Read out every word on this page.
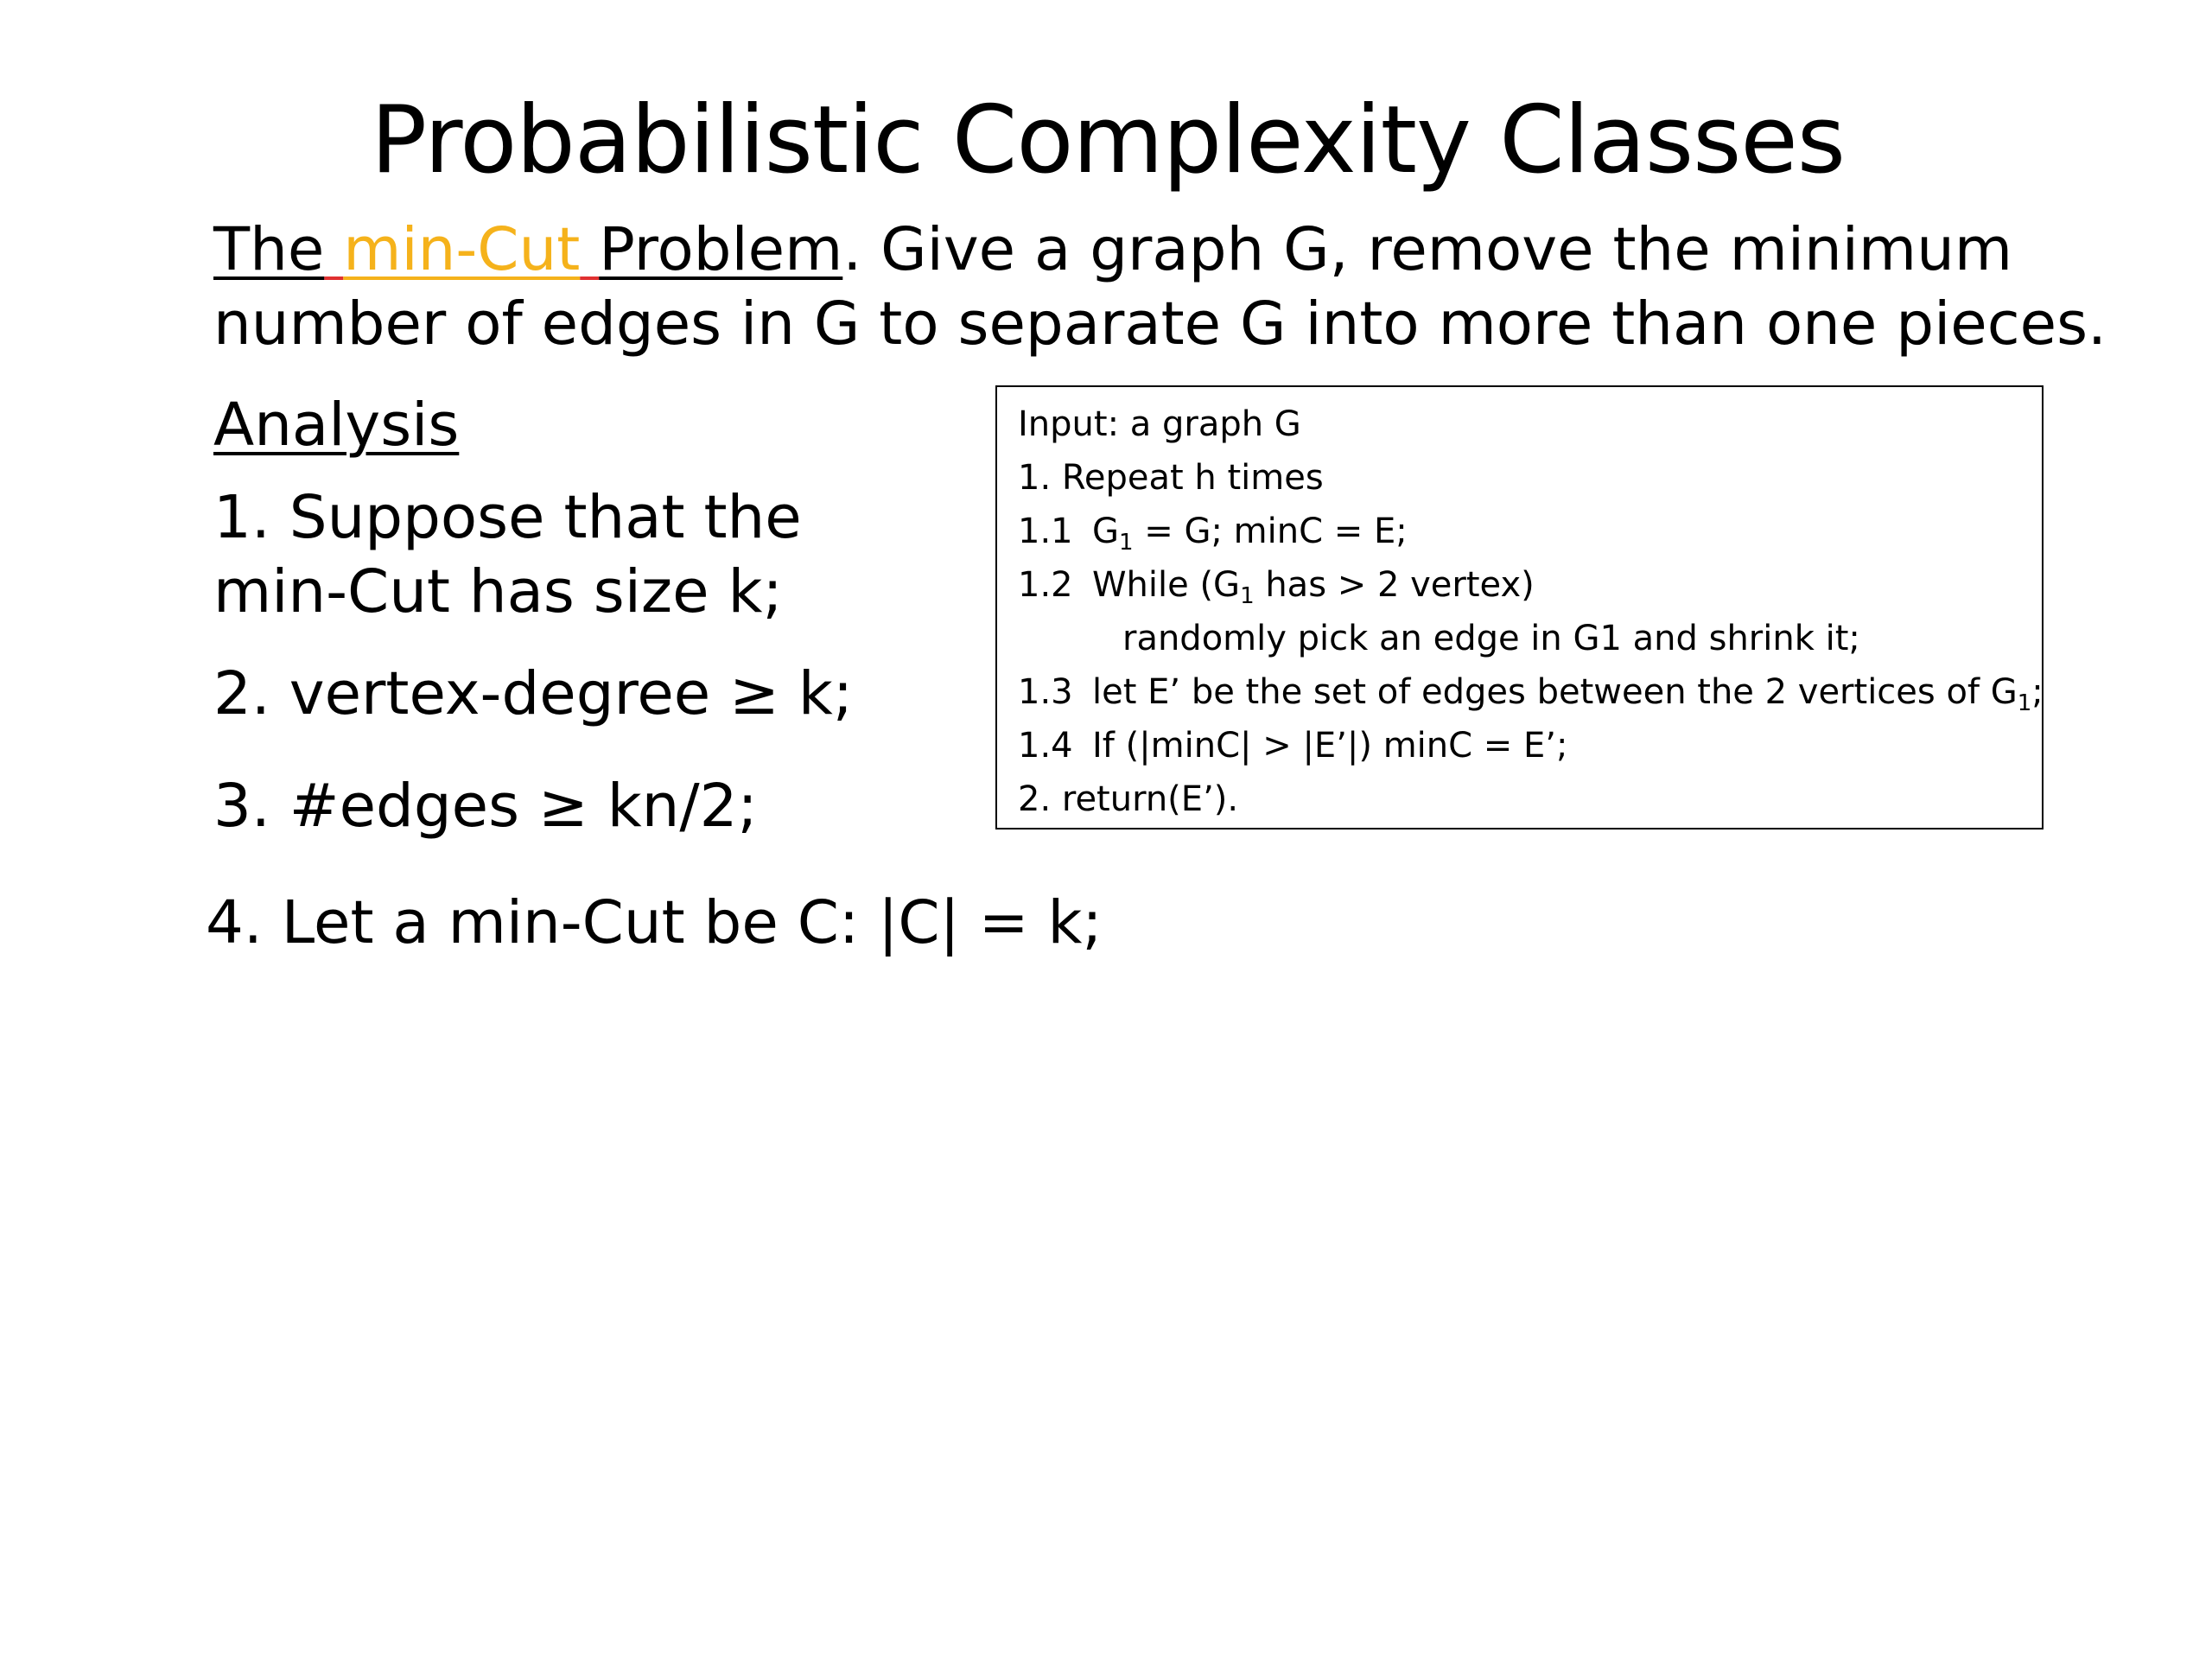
Probabilistic Complexity Classes
The min-Cut Problem. Give a graph G, remove the minimum
number of edges in G to separate G into more than one pieces.
Analysis
1. Suppose that the
min-Cut has size k;
2. vertex-degree ≥ k;
3. #edges ≥ kn/2;
4. Let a min-Cut be C: |C| = k;
Input: a graph G
1. Repeat h times
1.1 $G_1 = G$; minC = E;
1.2 While ($G_1$ has > 2 vertex)
randomly pick an edge in G1 and shrink it;
1.3 let E’ be the set of edges between the 2 vertices of $G_1$;
1.4 If (|minC| > |E’|) minC = E’;
2. return(E’).
